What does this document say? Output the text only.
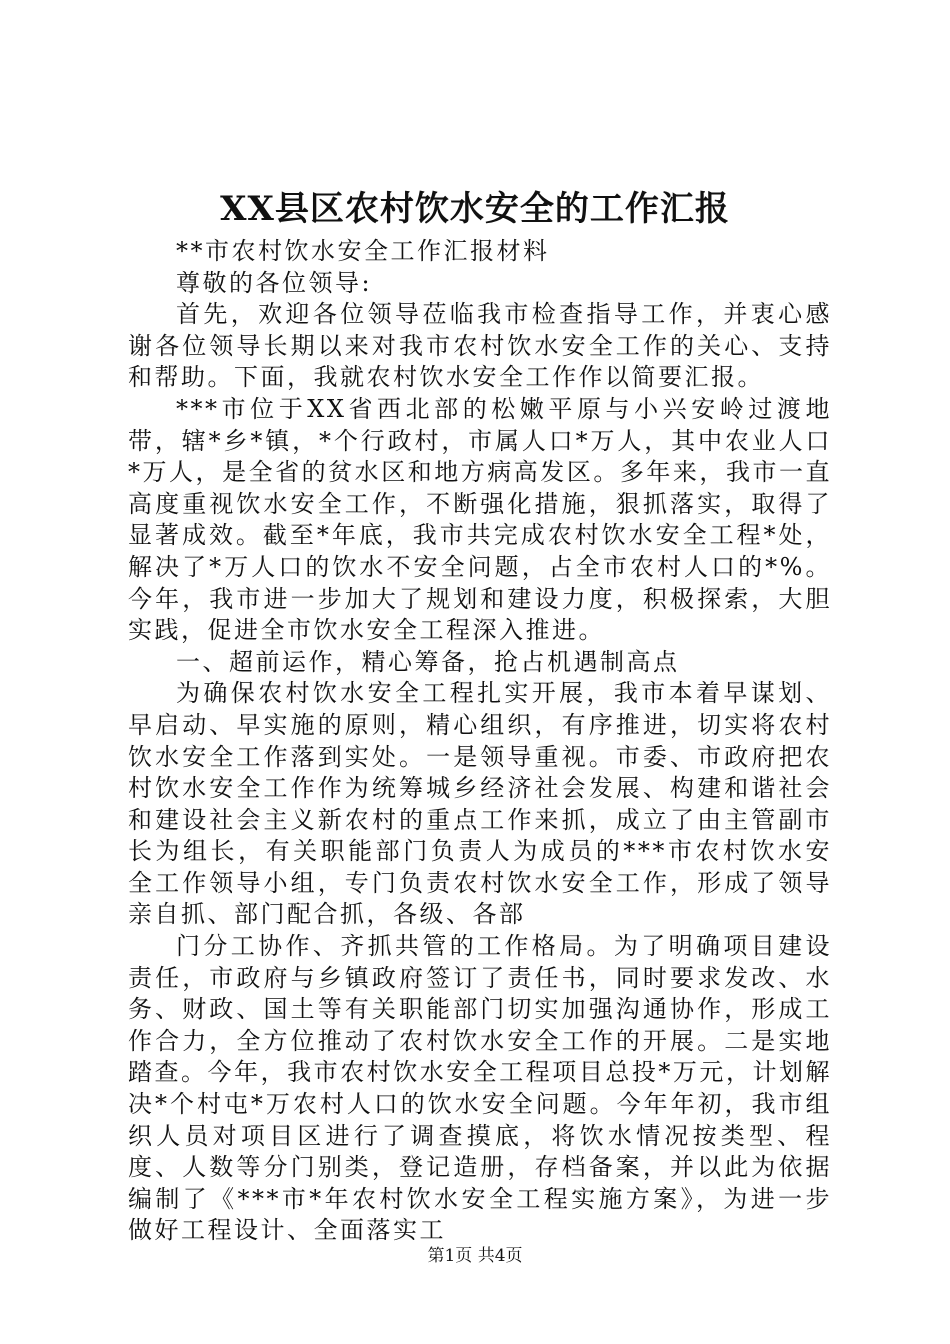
XX县区农村饮水安全的工作汇报

**市农村饮水安全工作汇报材料

尊敬的各位领导:

首先，欢迎各位领导莅临我市检查指导工作，并衷心感谢各位领导长期以来对我市农村饮水安全工作的关心、支持和帮助。下面，我就农村饮水安全工作作以简要汇报。

***市位于XX省西北部的松嫩平原与小兴安岭过渡地带，辖*乡*镇，*个行政村，市属人口*万人，其中农业人口*万人，是全省的贫水区和地方病高发区。多年来，我市一直高度重视饮水安全工作，不断强化措施，狠抓落实，取得了显著成效。截至*年底，我市共完成农村饮水安全工程*处，解决了*万人口的饮水不安全问题，占全市农村人口的*%。今年，我市进一步加大了规划和建设力度，积极探索，大胆实践，促进全市饮水安全工程深入推进。

一、超前运作，精心筹备，抢占机遇制高点

为确保农村饮水安全工程扎实开展，我市本着早谋划、早启动、早实施的原则，精心组织，有序推进，切实将农村饮水安全工作落到实处。一是领导重视。市委、市政府把农村饮水安全工作作为统筹城乡经济社会发展、构建和谐社会和建设社会主义新农村的重点工作来抓，成立了由主管副市长为组长，有关职能部门负责人为成员的***市农村饮水安全工作领导小组，专门负责农村饮水安全工作，形成了领导亲自抓、部门配合抓，各级、各部

门分工协作、齐抓共管的工作格局。为了明确项目建设责任，市政府与乡镇政府签订了责任书，同时要求发改、水务、财政、国土等有关职能部门切实加强沟通协作，形成工作合力，全方位推动了农村饮水安全工作的开展。二是实地踏查。今年，我市农村饮水安全工程项目总投*万元，计划解决*个村屯*万农村人口的饮水安全问题。今年年初，我市组织人员对项目区进行了调查摸底，将饮水情况按类型、程度、人数等分门别类，登记造册，存档备案，并以此为依据编制了《***市*年农村饮水安全工程实施方案》，为进一步做好工程设计、全面落实工

第1页 共4页
